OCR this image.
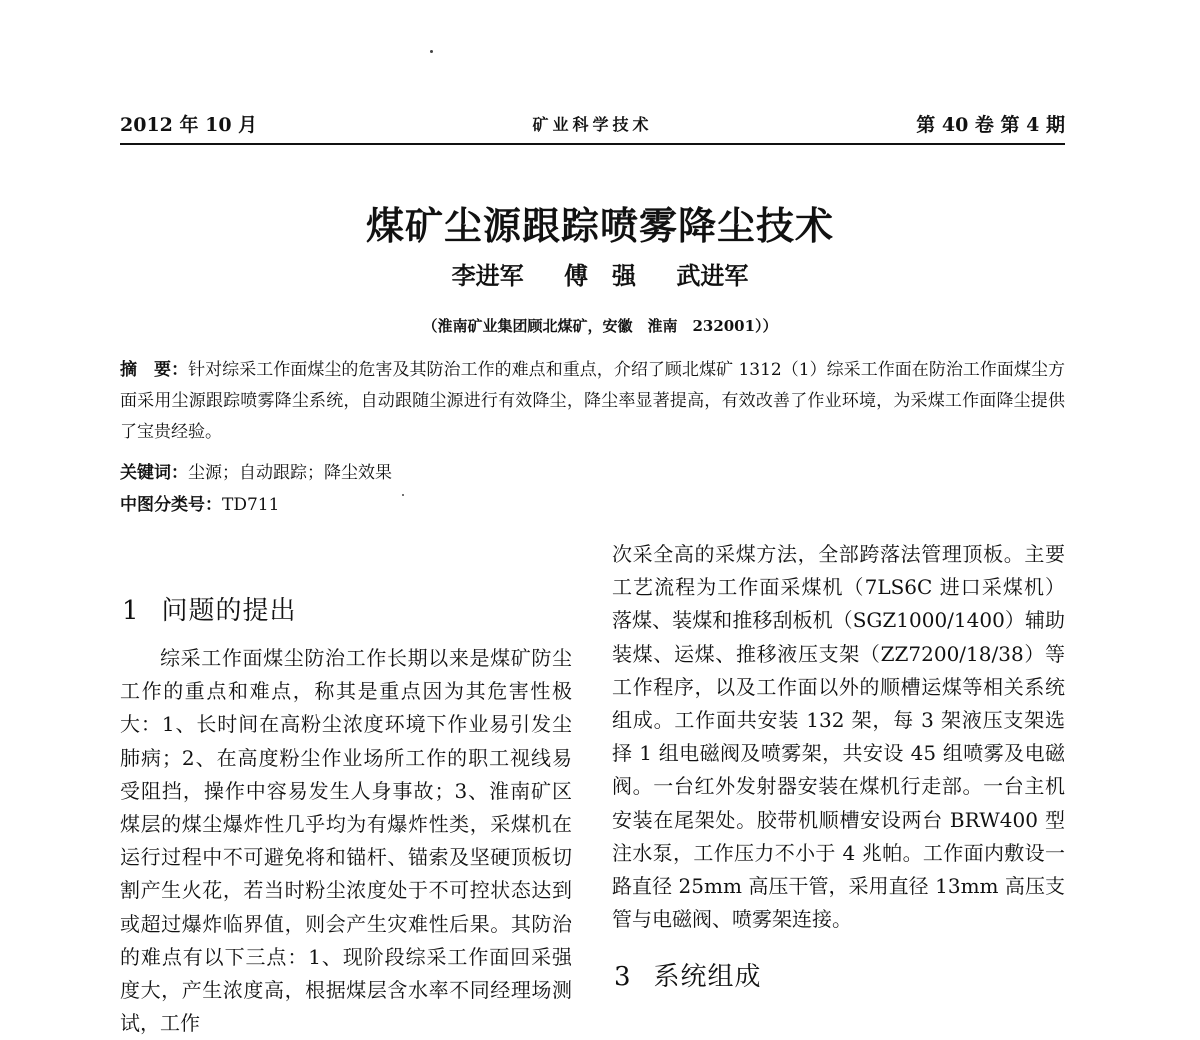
2012 年 10 月	矿业科学技术	第 40 卷 第 4 期
煤矿尘源跟踪喷雾降尘技术
李进军 傅　强 武进军
（淮南矿业集团顾北煤矿，安徽　淮南　232001））
摘　要：针对综采工作面煤尘的危害及其防治工作的难点和重点，介绍了顾北煤矿 1312（1）综采工作面在防治工作面煤尘方面采用尘源跟踪喷雾降尘系统，自动跟随尘源进行有效降尘，降尘率显著提高，有效改善了作业环境，为采煤工作面降尘提供了宝贵经验。
关键词：尘源；自动跟踪；降尘效果
中图分类号：TD711
1 问题的提出

综采工作面煤尘防治工作长期以来是煤矿防尘工作的重点和难点，称其是重点因为其危害性极大：1、长时间在高粉尘浓度环境下作业易引发尘肺病；2、在高度粉尘作业场所工作的职工视线易受阻挡，操作中容易发生人身事故；3、淮南矿区煤层的煤尘爆炸性几乎均为有爆炸性类，采煤机在运行过程中不可避免将和锚杆、锚索及坚硬顶板切割产生火花，若当时粉尘浓度处于不可控状态达到或超过爆炸临界值，则会产生灾难性后果。其防治的难点有以下三点：1、现阶段综采工作面回采强度大，产生浓度高，根据煤层含水率不同经理场测试，工作

次采全高的采煤方法，全部跨落法管理顶板。主要工艺流程为工作面采煤机（7LS6C 进口采煤机）落煤、装煤和推移刮板机（SGZ1000/1400）辅助装煤、运煤、推移液压支架（ZZ7200/18/38）等工作程序，以及工作面以外的顺槽运煤等相关系统组成。工作面共安装 132 架，每 3 架液压支架选择 1 组电磁阀及喷雾架，共安设 45 组喷雾及电磁阀。一台红外发射器安装在煤机行走部。一台主机安装在尾架处。胶带机顺槽安设两台 BRW400 型注水泵，工作压力不小于 4 兆帕。工作面内敷设一路直径 25mm 高压干管，采用直径 13mm 高压支管与电磁阀、喷雾架连接。

3 系统组成
